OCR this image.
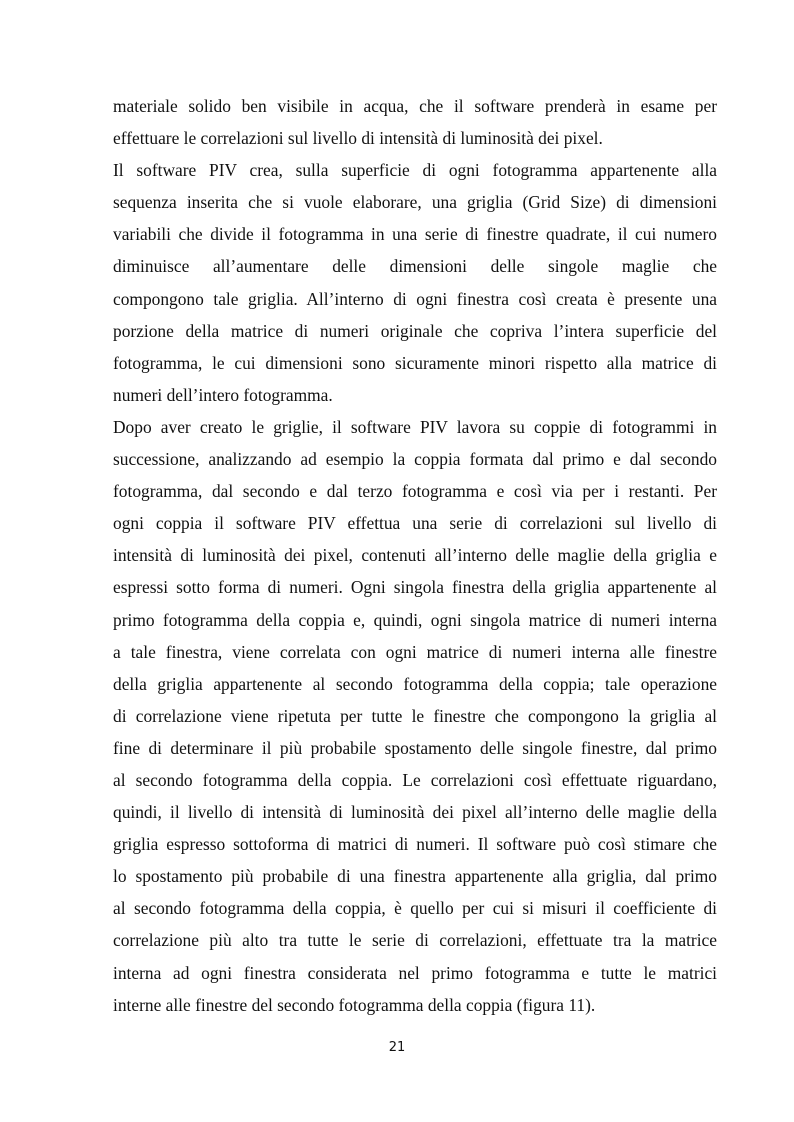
materiale solido ben visibile in acqua, che il software prenderà in esame per
effettuare le correlazioni sul livello di intensità di luminosità dei pixel.
Il software PIV crea, sulla superficie di ogni fotogramma appartenente alla
sequenza inserita che si vuole elaborare, una griglia (Grid Size) di dimensioni
variabili che divide il fotogramma in una serie di finestre quadrate, il cui numero
diminuisce all’aumentare delle dimensioni delle singole maglie che
compongono tale griglia. All’interno di ogni finestra così creata è presente una
porzione della matrice di numeri originale che copriva l’intera superficie del
fotogramma, le cui dimensioni sono sicuramente minori rispetto alla matrice di
numeri dell’intero fotogramma.
Dopo aver creato le griglie, il software PIV lavora su coppie di fotogrammi in
successione, analizzando ad esempio la coppia formata dal primo e dal secondo
fotogramma, dal secondo e dal terzo fotogramma e così via per i restanti. Per
ogni coppia il software PIV effettua una serie di correlazioni sul livello di
intensità di luminosità dei pixel, contenuti all’interno delle maglie della griglia e
espressi sotto forma di numeri. Ogni singola finestra della griglia appartenente al
primo fotogramma della coppia e, quindi, ogni singola matrice di numeri interna
a tale finestra, viene correlata con ogni matrice di numeri interna alle finestre
della griglia appartenente al secondo fotogramma della coppia; tale operazione
di correlazione viene ripetuta per tutte le finestre che compongono la griglia al
fine di determinare il più probabile spostamento delle singole finestre, dal primo
al secondo fotogramma della coppia. Le correlazioni così effettuate riguardano,
quindi, il livello di intensità di luminosità dei pixel all’interno delle maglie della
griglia espresso sottoforma di matrici di numeri. Il software può così stimare che
lo spostamento più probabile di una finestra appartenente alla griglia, dal primo
al secondo fotogramma della coppia, è quello per cui si misuri il coefficiente di
correlazione più alto tra tutte le serie di correlazioni, effettuate tra la matrice
interna ad ogni finestra considerata nel primo fotogramma e tutte le matrici
interne alle finestre del secondo fotogramma della coppia (figura 11).
21
